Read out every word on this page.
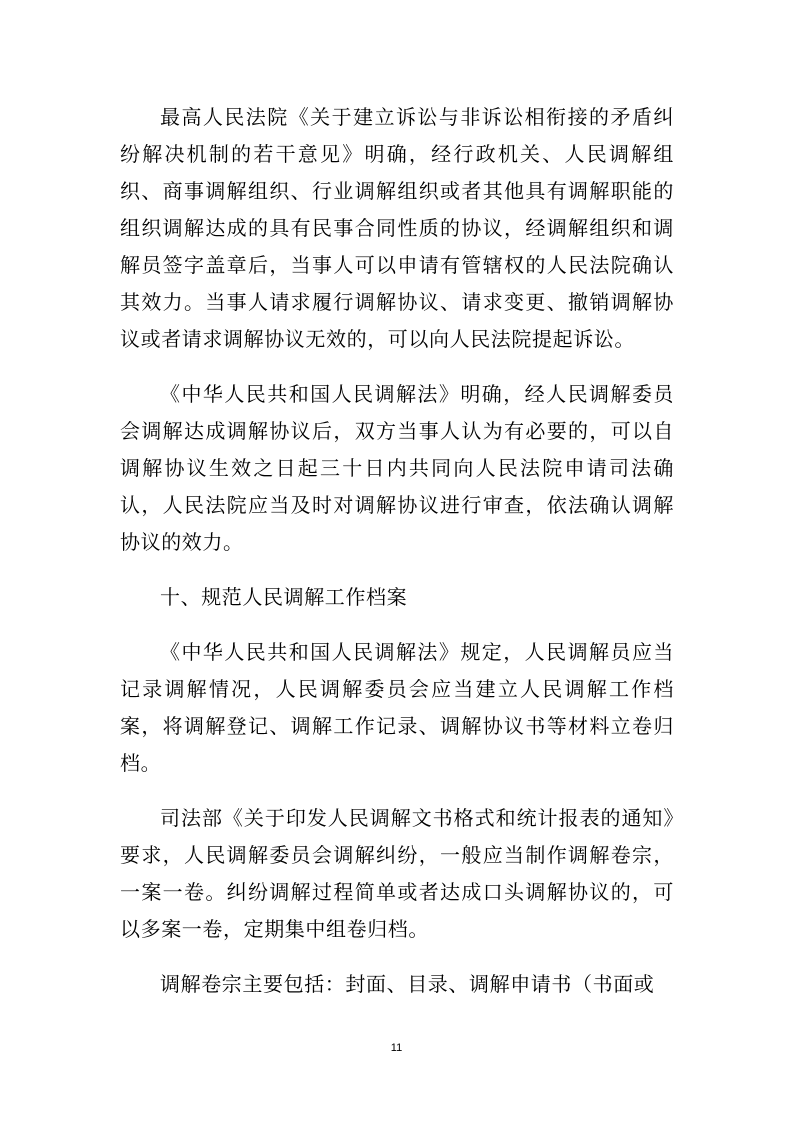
最高人民法院《关于建立诉讼与非诉讼相衔接的矛盾纠纷解决机制的若干意见》明确，经行政机关、人民调解组织、商事调解组织、行业调解组织或者其他具有调解职能的组织调解达成的具有民事合同性质的协议，经调解组织和调解员签字盖章后，当事人可以申请有管辖权的人民法院确认其效力。当事人请求履行调解协议、请求变更、撤销调解协议或者请求调解协议无效的，可以向人民法院提起诉讼。

《中华人民共和国人民调解法》明确，经人民调解委员会调解达成调解协议后，双方当事人认为有必要的，可以自调解协议生效之日起三十日内共同向人民法院申请司法确认，人民法院应当及时对调解协议进行审查，依法确认调解协议的效力。

十、规范人民调解工作档案

《中华人民共和国人民调解法》规定，人民调解员应当记录调解情况，人民调解委员会应当建立人民调解工作档案，将调解登记、调解工作记录、调解协议书等材料立卷归档。

司法部《关于印发人民调解文书格式和统计报表的通知》要求，人民调解委员会调解纠纷，一般应当制作调解卷宗，一案一卷。纠纷调解过程简单或者达成口头调解协议的，可以多案一卷，定期集中组卷归档。

调解卷宗主要包括：封面、目录、调解申请书（书面或

11
